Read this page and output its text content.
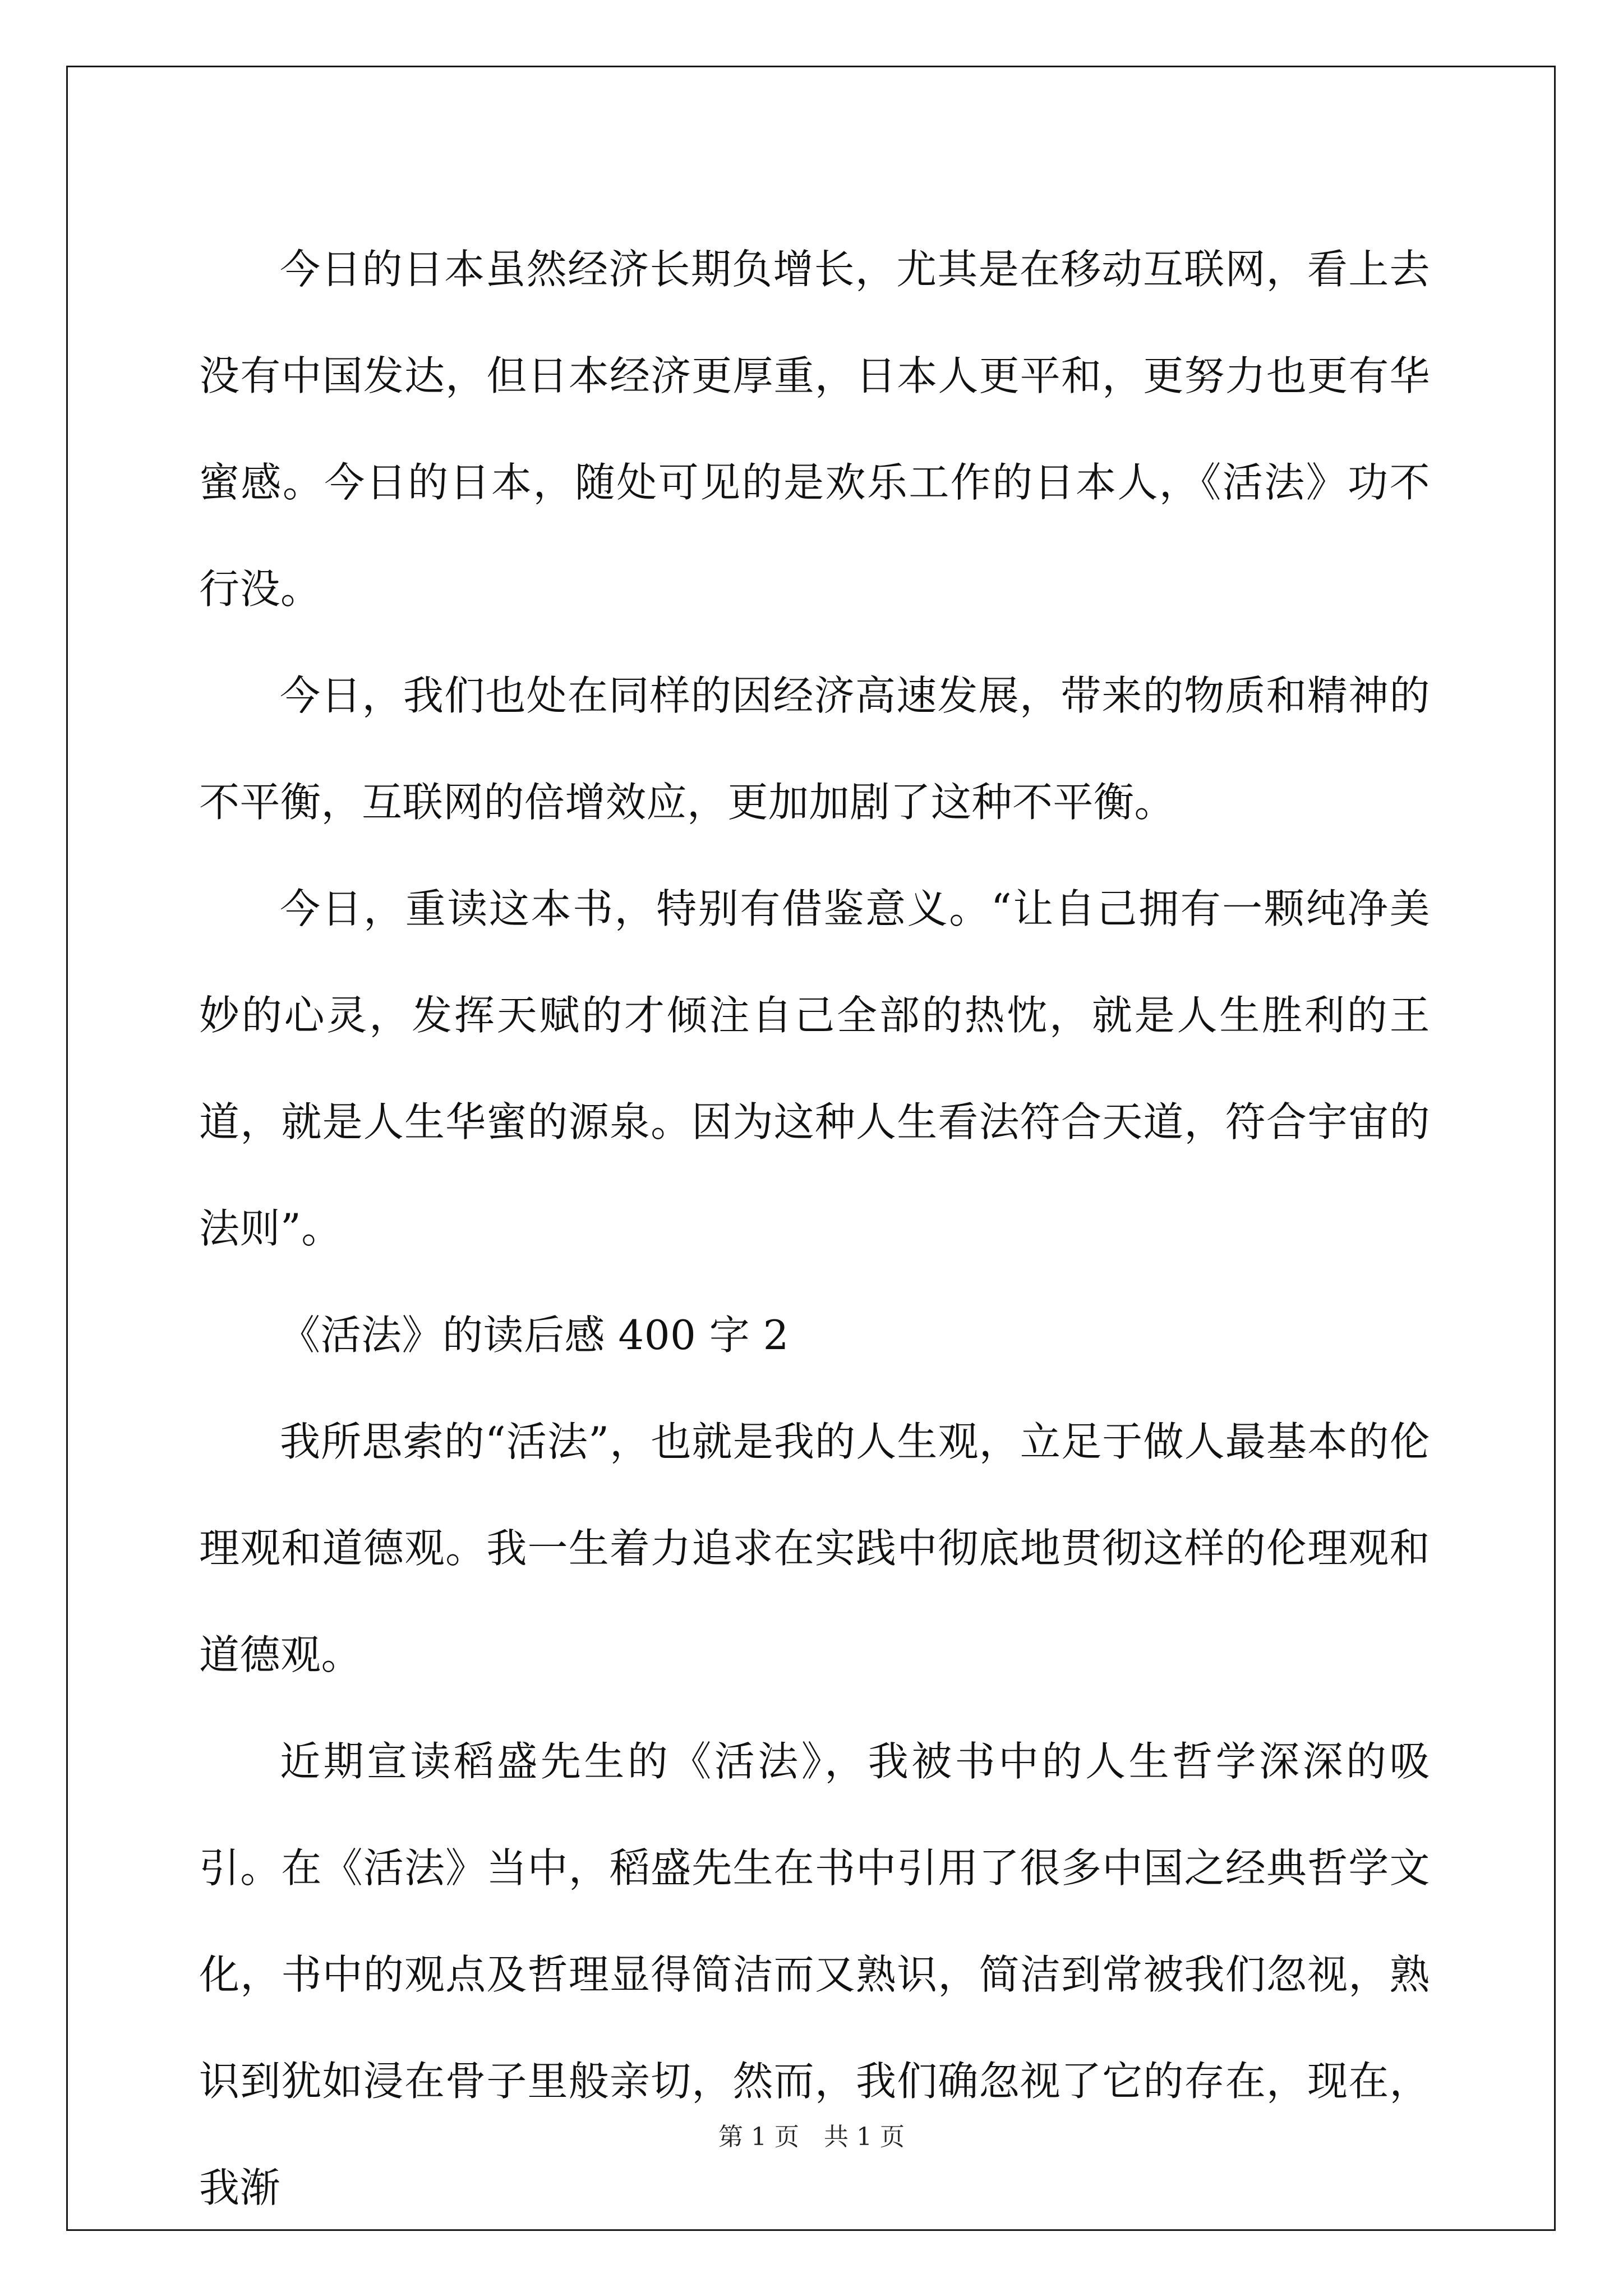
今日的日本虽然经济长期负增长，尤其是在移动互联网，看上去没有中国发达，但日本经济更厚重，日本人更平和，更努力也更有华蜜感。今日的日本，随处可见的是欢乐工作的日本人，《活法》功不行没。

今日，我们也处在同样的因经济高速发展，带来的物质和精神的不平衡，互联网的倍增效应，更加加剧了这种不平衡。

今日，重读这本书，特别有借鉴意义。“让自己拥有一颗纯净美妙的心灵，发挥天赋的才倾注自己全部的热忱，就是人生胜利的王道，就是人生华蜜的源泉。因为这种人生看法符合天道，符合宇宙的法则”。

《活法》的读后感 400 字 2

我所思索的“活法”，也就是我的人生观，立足于做人最基本的伦理观和道德观。我一生着力追求在实践中彻底地贯彻这样的伦理观和道德观。

近期宣读稻盛先生的《活法》，我被书中的人生哲学深深的吸引。在《活法》当中，稻盛先生在书中引用了很多中国之经典哲学文化，书中的观点及哲理显得简洁而又熟识，简洁到常被我们忽视，熟识到犹如浸在骨子里般亲切，然而，我们确忽视了它的存在，现在，我渐

第 1 页 共 1 页
